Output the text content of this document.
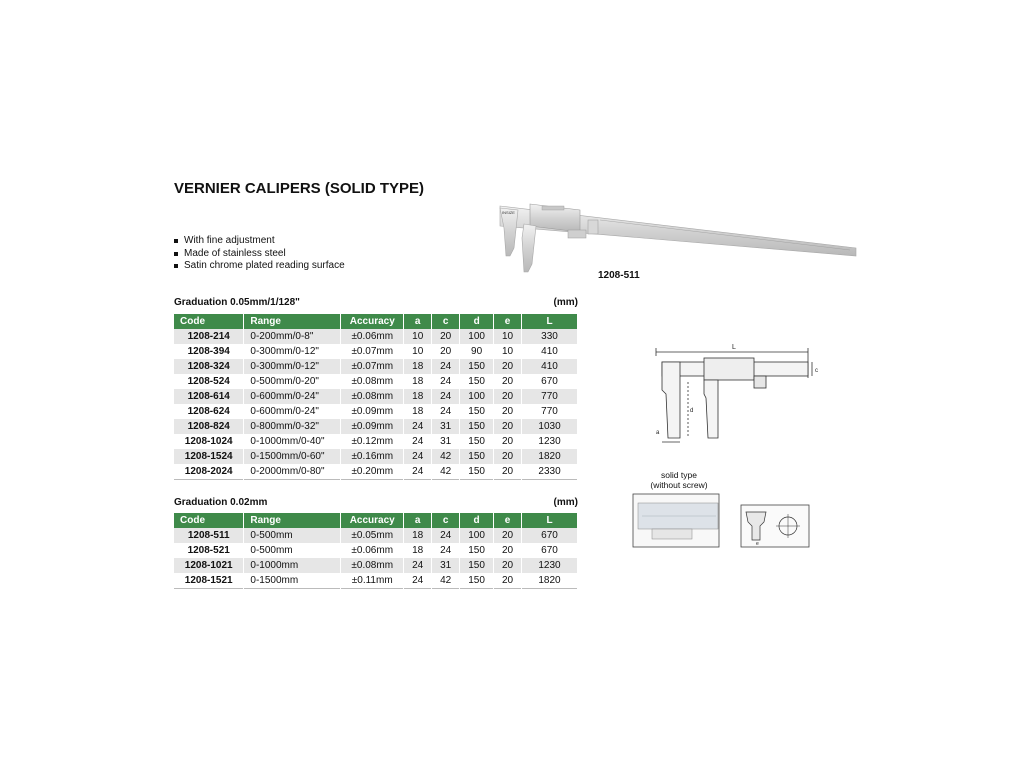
VERNIER CALIPERS (SOLID TYPE)
With fine adjustment
Made of stainless steel
Satin chrome plated reading surface
INSIZE
1208-511
L
c
d
a
solid type
(without screw)
e
Graduation 0.05mm/1/128"	(mm)
Code	Range	Accuracy	a	c	d	e	L
1208-214	0-200mm/0-8"	±0.06mm	10	20	100	10	330
1208-394	0-300mm/0-12"	±0.07mm	10	20	90	10	410
1208-324	0-300mm/0-12"	±0.07mm	18	24	150	20	410
1208-524	0-500mm/0-20"	±0.08mm	18	24	150	20	670
1208-614	0-600mm/0-24"	±0.08mm	18	24	100	20	770
1208-624	0-600mm/0-24"	±0.09mm	18	24	150	20	770
1208-824	0-800mm/0-32"	±0.09mm	24	31	150	20	1030
1208-1024	0-1000mm/0-40"	±0.12mm	24	31	150	20	1230
1208-1524	0-1500mm/0-60"	±0.16mm	24	42	150	20	1820
1208-2024	0-2000mm/0-80"	±0.20mm	24	42	150	20	2330
Graduation 0.02mm	(mm)
Code	Range	Accuracy	a	c	d	e	L
1208-511	0-500mm	±0.05mm	18	24	100	20	670
1208-521	0-500mm	±0.06mm	18	24	150	20	670
1208-1021	0-1000mm	±0.08mm	24	31	150	20	1230
1208-1521	0-1500mm	±0.11mm	24	42	150	20	1820
